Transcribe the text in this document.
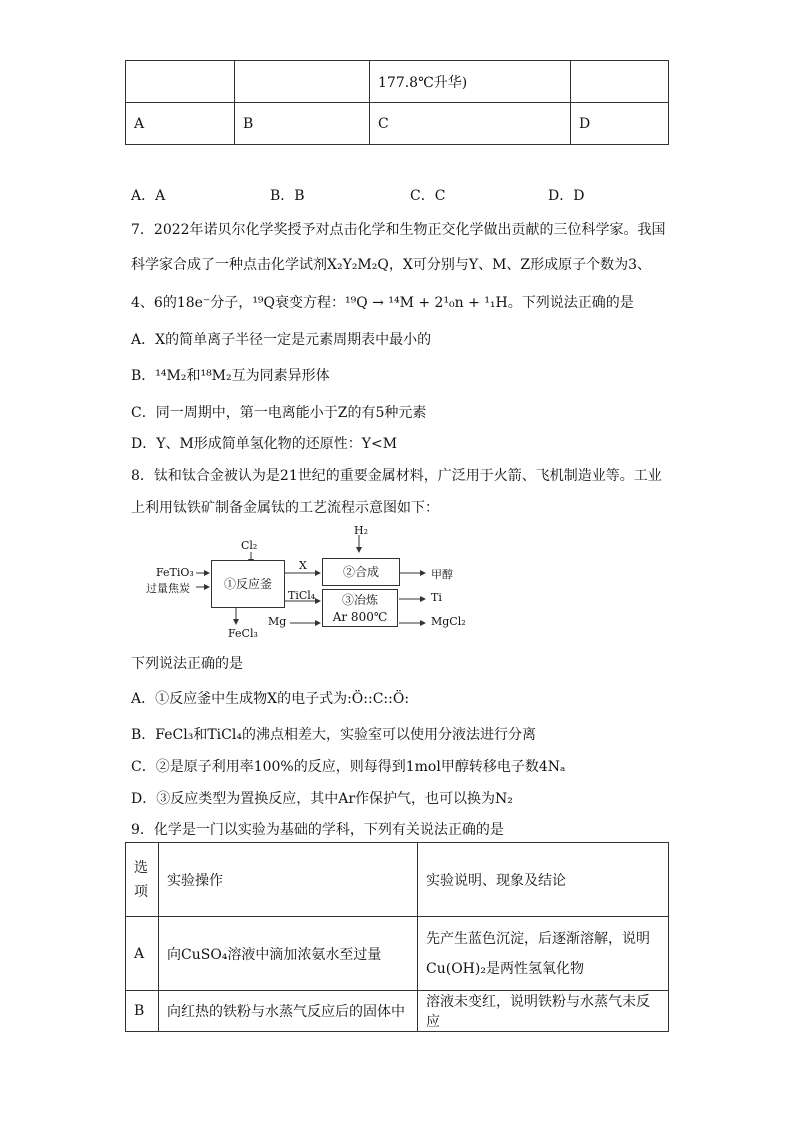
		177.8℃升华)	
A	B	C	D
A．A	B．B	C．C	D．D
7．2022年诺贝尔化学奖授予对点击化学和生物正交化学做出贡献的三位科学家。我国
科学家合成了一种点击化学试剂X₂Y₂M₂Q，X可分别与Y、M、Z形成原子个数为3、
4、6的18e⁻分子，¹⁹Q衰变方程：¹⁹Q → ¹⁴M + 2¹₀n + ¹₁H。下列说法正确的是
A．X的简单离子半径一定是元素周期表中最小的
B．¹⁴M₂和¹⁸M₂互为同素异形体
C．同一周期中，第一电离能小于Z的有5种元素
D．Y、M形成简单氢化物的还原性：Y<M
8．钛和钛合金被认为是21世纪的重要金属材料，广泛用于火箭、飞机制造业等。工业
上利用钛铁矿制备金属钛的工艺流程示意图如下：
FeTiO₃
过量焦炭
Cl₂
①反应釜
FeCl₃
X
TiCl₄
Mg
H₂
②合成
③冶炼
Ar 800℃
甲醇
Ti
MgCl₂
下列说法正确的是
A．①反应釜中生成物X的电子式为:Ö::C::Ö:
B．FeCl₃和TiCl₄的沸点相差大，实验室可以使用分液法进行分离
C．②是原子利用率100%的反应，则每得到1mol甲醇转移电子数4Nₐ
D．③反应类型为置换反应，其中Ar作保护气，也可以换为N₂
9．化学是一门以实验为基础的学科，下列有关说法正确的是
选项	实验操作	实验说明、现象及结论
A	向CuSO₄溶液中滴加浓氨水至过量	先产生蓝色沉淀，后逐渐溶解，说明Cu(OH)₂是两性氢氧化物
B	向红热的铁粉与水蒸气反应后的固体中	溶液未变红，说明铁粉与水蒸气未反应
